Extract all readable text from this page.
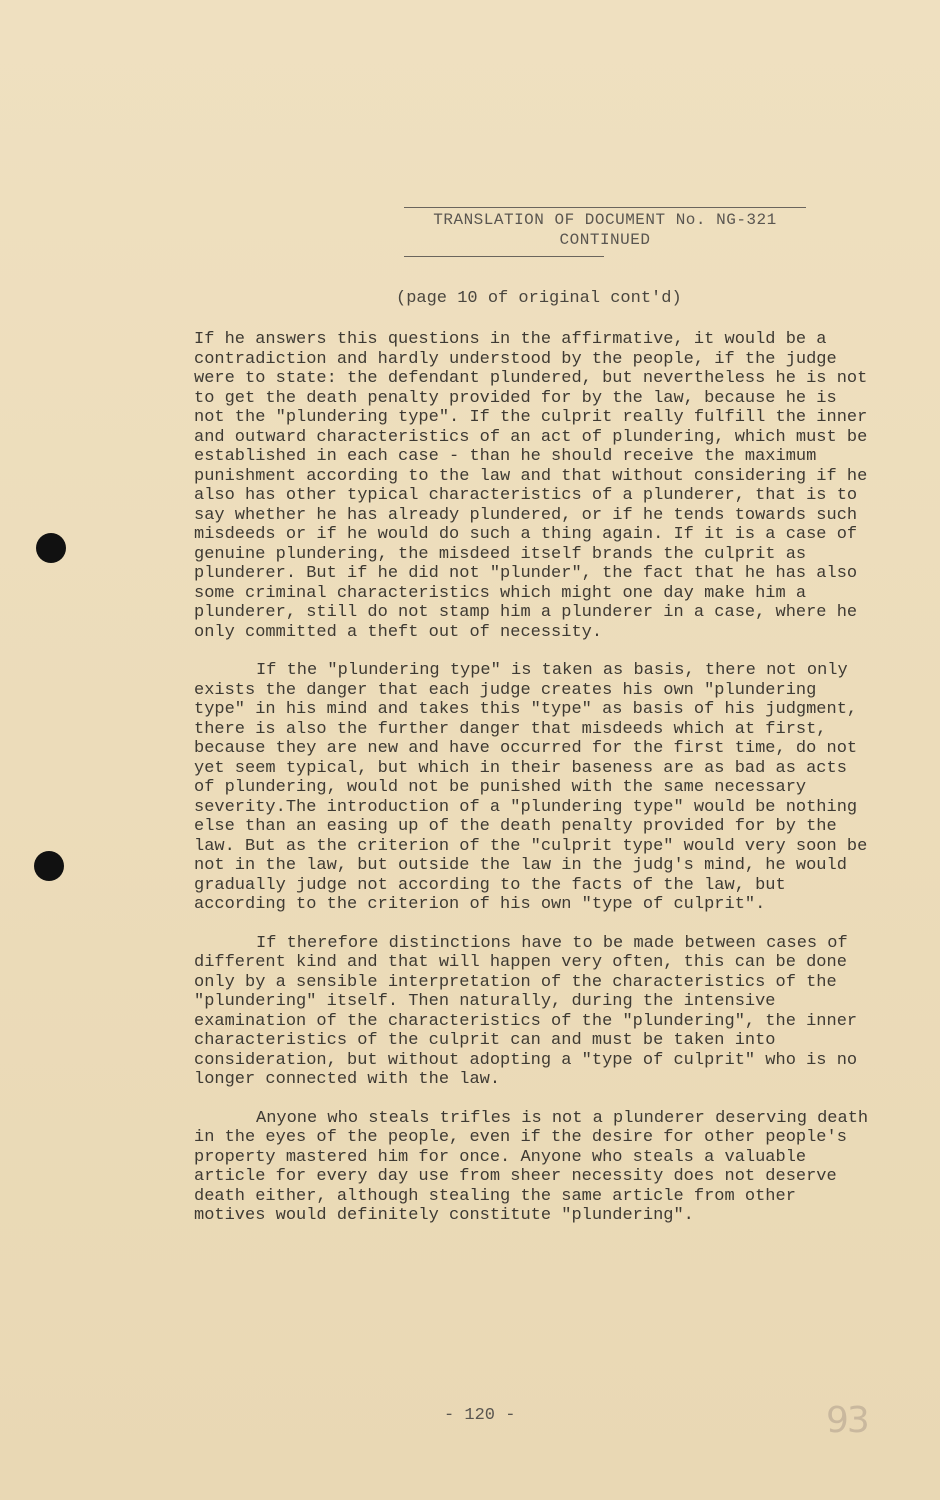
TRANSLATION OF DOCUMENT No. NG-321
CONTINUED
(page 10 of original cont'd)

If he answers this questions in the affirmative, it would be a contradiction and hardly understood by the people, if the judge were to state: the defendant plundered, but nevertheless he is not to get the death penalty provided for by the law, because he is not the "plundering type". If the culprit really fulfill the inner and outward characteristics of an act of plundering, which must be established in each case - than he should receive the maximum punishment according to the law and that without considering if he also has other typical characteristics of a plunderer, that is to say whether he has already plundered, or if he tends towards such misdeeds or if he would do such a thing again. If it is a case of genuine plundering, the misdeed itself brands the culprit as plunderer. But if he did not "plunder", the fact that he has also some criminal characteristics which might one day make him a plunderer, still do not stamp him a plunderer in a case, where he only committed a theft out of necessity.

If the "plundering type" is taken as basis, there not only exists the danger that each judge creates his own "plundering type" in his mind and takes this "type" as basis of his judgment, there is also the further danger that misdeeds which at first, because they are new and have occurred for the first time, do not yet seem typical, but which in their baseness are as bad as acts of plundering, would not be punished with the same necessary severity.The introduction of a "plundering type" would be nothing else than an easing up of the death penalty provided for by the law. But as the criterion of the "culprit type" would very soon be not in the law, but outside the law in the judg's mind, he would gradually judge not according to the facts of the law, but according to the criterion of his own "type of culprit".

If therefore distinctions have to be made between cases of different kind and that will happen very often, this can be done only by a sensible interpretation of the characteristics of the "plundering" itself. Then naturally, during the intensive examination of the characteristics of the "plundering", the inner characteristics of the culprit can and must be taken into consideration, but without adopting a "type of culprit" who is no longer connected with the law.

Anyone who steals trifles is not a plunderer deserving death in the eyes of the people, even if the desire for other people's property mastered him for once. Anyone who steals a valuable article for every day use from sheer necessity does not deserve death either, although stealing the same article from other motives would definitely constitute "plundering".

- 120 -	93
